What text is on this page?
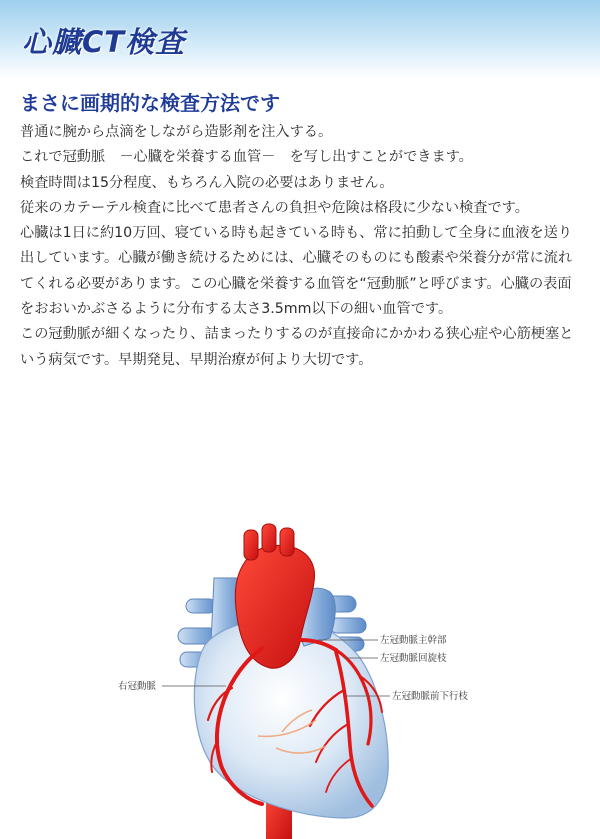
心臓CT検査
まさに画期的な検査方法です

普通に腕から点滴をしながら造影剤を注入する。

これで冠動脈　－心臓を栄養する血管－　を写し出すことができます。

検査時間は15分程度、もちろん入院の必要はありません。

従来のカテーテル検査に比べて患者さんの負担や危険は格段に少ない検査です。

心臓は1日に約10万回、寝ている時も起きている時も、常に拍動して全身に血液を送り出しています。心臓が働き続けるためには、心臓そのものにも酸素や栄養分が常に流れてくれる必要があります。この心臓を栄養する血管を“冠動脈”と呼びます。心臓の表面をおおいかぶさるように分布する太さ3.5mm以下の細い血管です。

この冠動脈が細くなったり、詰まったりするのが直接命にかかわる狭心症や心筋梗塞という病気です。早期発見、早期治療が何より大切です。

左冠動脈主幹部
左冠動脈回旋枝
左冠動脈前下行枝
右冠動脈
